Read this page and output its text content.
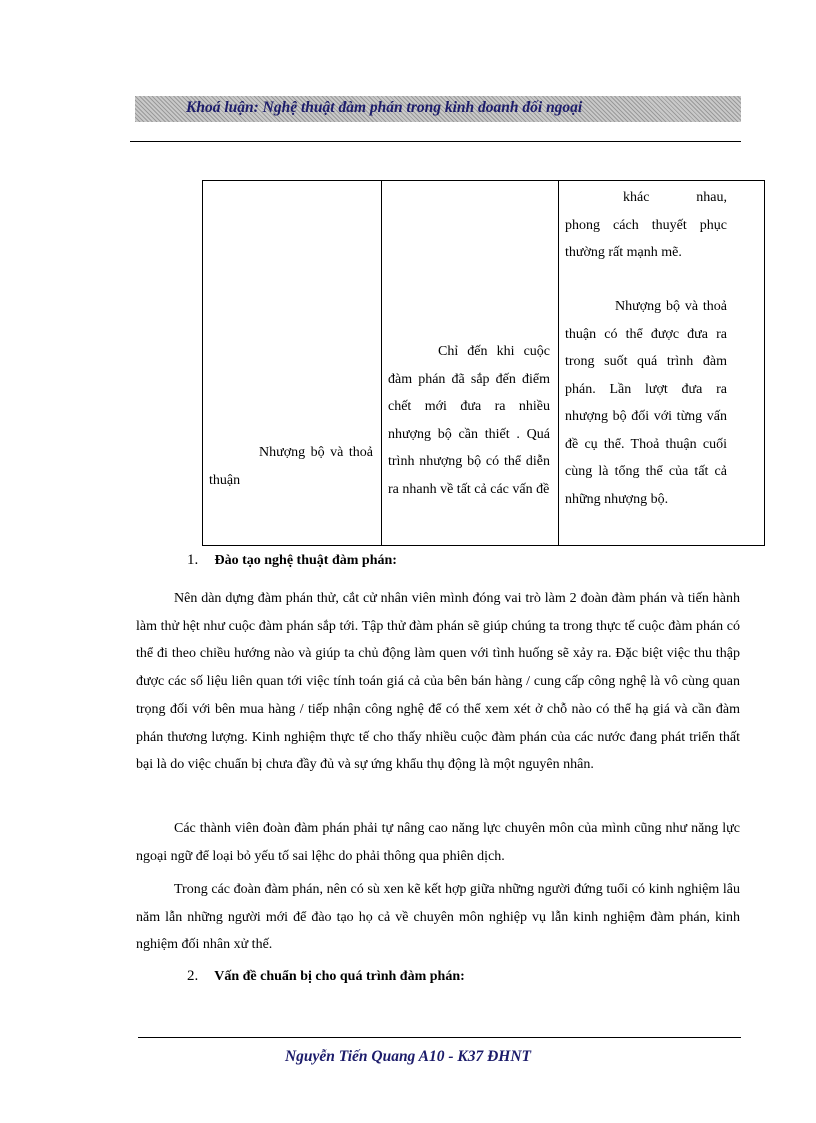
Khoá luận: Nghệ thuật đàm phán trong kinh doanh đối ngoại
Nhượng bộ và thoả thuận

Chỉ đến khi cuộc đàm phán đã sắp đến điểm chết mới đưa ra nhiều nhượng bộ cần thiết . Quá trình nhượng bộ có thể diễn ra nhanh về tất cả các vấn đề

khác nhau,

phong cách thuyết phục thường rất mạnh mẽ.

Nhượng bộ và thoả thuận có thể được đưa ra trong suốt quá trình đàm phán. Lần lượt đưa ra nhượng bộ đối với từng vấn đề cụ thể. Thoả thuận cuối cùng là tổng thể của tất cả những nhượng bộ.

1. Đào tạo nghệ thuật đàm phán:

Nên dàn dựng đàm phán thử, cắt cử nhân viên mình đóng vai trò làm 2 đoàn đàm phán và tiến hành làm thử hệt như cuộc đàm phán sắp tới. Tập thử đàm phán sẽ giúp chúng ta trong thực tế cuộc đàm phán có thể đi theo chiều hướng nào và giúp ta chủ động làm quen với tình huống sẽ xảy ra. Đặc biệt việc thu thập được các số liệu liên quan tới việc tính toán giá cả của bên bán hàng / cung cấp công nghệ là vô cùng quan trọng đối với bên mua hàng / tiếp nhận công nghệ để có thể xem xét ở chỗ nào có thể hạ giá và cần đàm phán thương lượng. Kinh nghiệm thực tế cho thấy nhiều cuộc đàm phán của các nước đang phát triển thất bại là do việc chuẩn bị chưa đầy đủ và sự ứng khẩu thụ động là một nguyên nhân.

Các thành viên đoàn đàm phán phải tự nâng cao năng lực chuyên môn của mình cũng như năng lực ngoại ngữ để loại bỏ yếu tố sai lệhc do phải thông qua phiên dịch.

Trong các đoàn đàm phán, nên có sù xen kẽ kết hợp giữa những người đứng tuổi có kinh nghiệm lâu năm lẫn những người mới để đào tạo họ cả về chuyên môn nghiệp vụ lẫn kinh nghiệm đàm phán, kinh nghiệm đối nhân xử thế.

2. Vấn đề chuẩn bị cho quá trình đàm phán:
Nguyễn Tiến Quang A10 - K37 ĐHNT
